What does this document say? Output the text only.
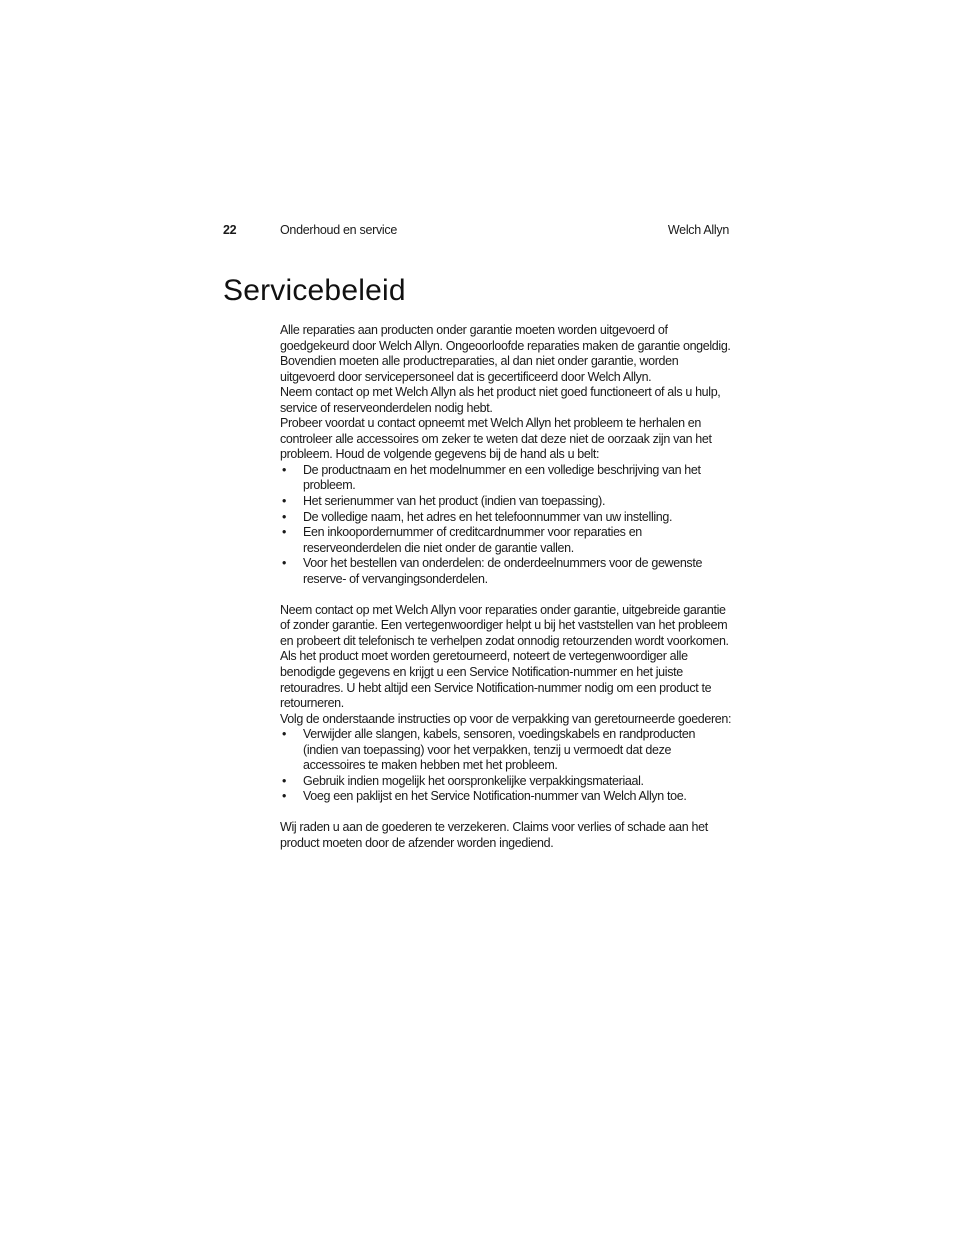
22	Onderhoud en service	Welch Allyn
Servicebeleid

Alle reparaties aan producten onder garantie moeten worden uitgevoerd of goedgekeurd door Welch Allyn. Ongeoorloofde reparaties maken de garantie ongeldig. Bovendien moeten alle productreparaties, al dan niet onder garantie, worden uitgevoerd door servicepersoneel dat is gecertificeerd door Welch Allyn.

Neem contact op met Welch Allyn als het product niet goed functioneert of als u hulp, service of reserveonderdelen nodig hebt.

Probeer voordat u contact opneemt met Welch Allyn het probleem te herhalen en controleer alle accessoires om zeker te weten dat deze niet de oorzaak zijn van het probleem. Houd de volgende gegevens bij de hand als u belt:

• De productnaam en het modelnummer en een volledige beschrijving van het probleem.
• Het serienummer van het product (indien van toepassing).
• De volledige naam, het adres en het telefoonnummer van uw instelling.
• Een inkoopordernummer of creditcardnummer voor reparaties en reserveonderdelen die niet onder de garantie vallen.
• Voor het bestellen van onderdelen: de onderdeelnummers voor de gewenste reserve- of vervangingsonderdelen.

Neem contact op met Welch Allyn voor reparaties onder garantie, uitgebreide garantie of zonder garantie. Een vertegenwoordiger helpt u bij het vaststellen van het probleem en probeert dit telefonisch te verhelpen zodat onnodig retourzenden wordt voorkomen.

Als het product moet worden geretourneerd, noteert de vertegenwoordiger alle benodigde gegevens en krijgt u een Service Notification-nummer en het juiste retouradres. U hebt altijd een Service Notification-nummer nodig om een product te retourneren.

Volg de onderstaande instructies op voor de verpakking van geretourneerde goederen:

• Verwijder alle slangen, kabels, sensoren, voedingskabels en randproducten (indien van toepassing) voor het verpakken, tenzij u vermoedt dat deze accessoires te maken hebben met het probleem.
• Gebruik indien mogelijk het oorspronkelijke verpakkingsmateriaal.
• Voeg een paklijst en het Service Notification-nummer van Welch Allyn toe.

Wij raden u aan de goederen te verzekeren. Claims voor verlies of schade aan het product moeten door de afzender worden ingediend.
